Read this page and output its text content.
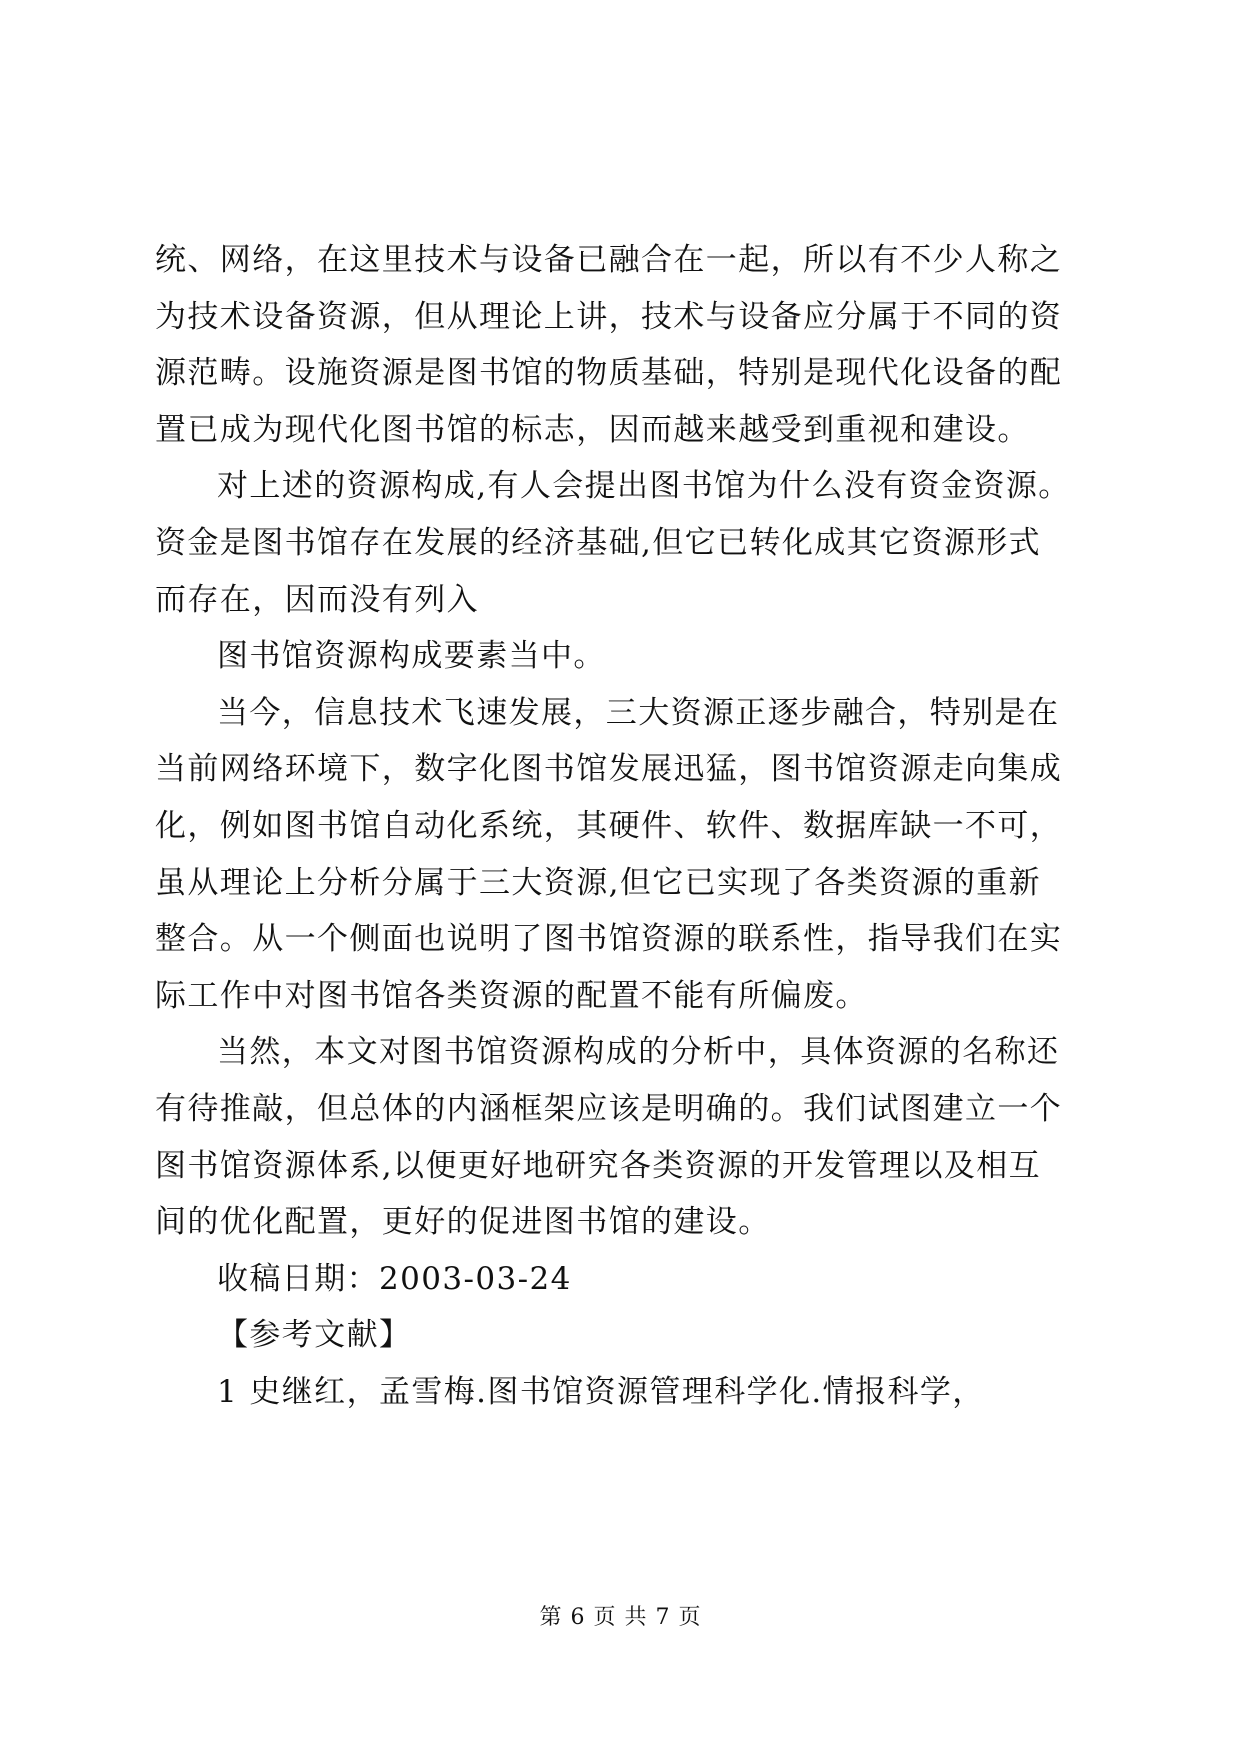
统、网络，在这里技术与设备已融合在一起，所以有不少人称之
为技术设备资源，但从理论上讲，技术与设备应分属于不同的资
源范畴。设施资源是图书馆的物质基础，特别是现代化设备的配
置已成为现代化图书馆的标志，因而越来越受到重视和建设。
对上述的资源构成,有人会提出图书馆为什么没有资金资源。
资金是图书馆存在发展的经济基础,但它已转化成其它资源形式
而存在，因而没有列入
图书馆资源构成要素当中。
当今，信息技术飞速发展，三大资源正逐步融合，特别是在
当前网络环境下，数字化图书馆发展迅猛，图书馆资源走向集成
化，例如图书馆自动化系统，其硬件、软件、数据库缺一不可，
虽从理论上分析分属于三大资源,但它已实现了各类资源的重新
整合。从一个侧面也说明了图书馆资源的联系性，指导我们在实
际工作中对图书馆各类资源的配置不能有所偏废。
当然，本文对图书馆资源构成的分析中，具体资源的名称还
有待推敲，但总体的内涵框架应该是明确的。我们试图建立一个
图书馆资源体系,以便更好地研究各类资源的开发管理以及相互
间的优化配置，更好的促进图书馆的建设。
收稿日期：2003-03-24
【参考文献】
1 史继红，孟雪梅.图书馆资源管理科学化.情报科学，
第 6 页 共 7 页
